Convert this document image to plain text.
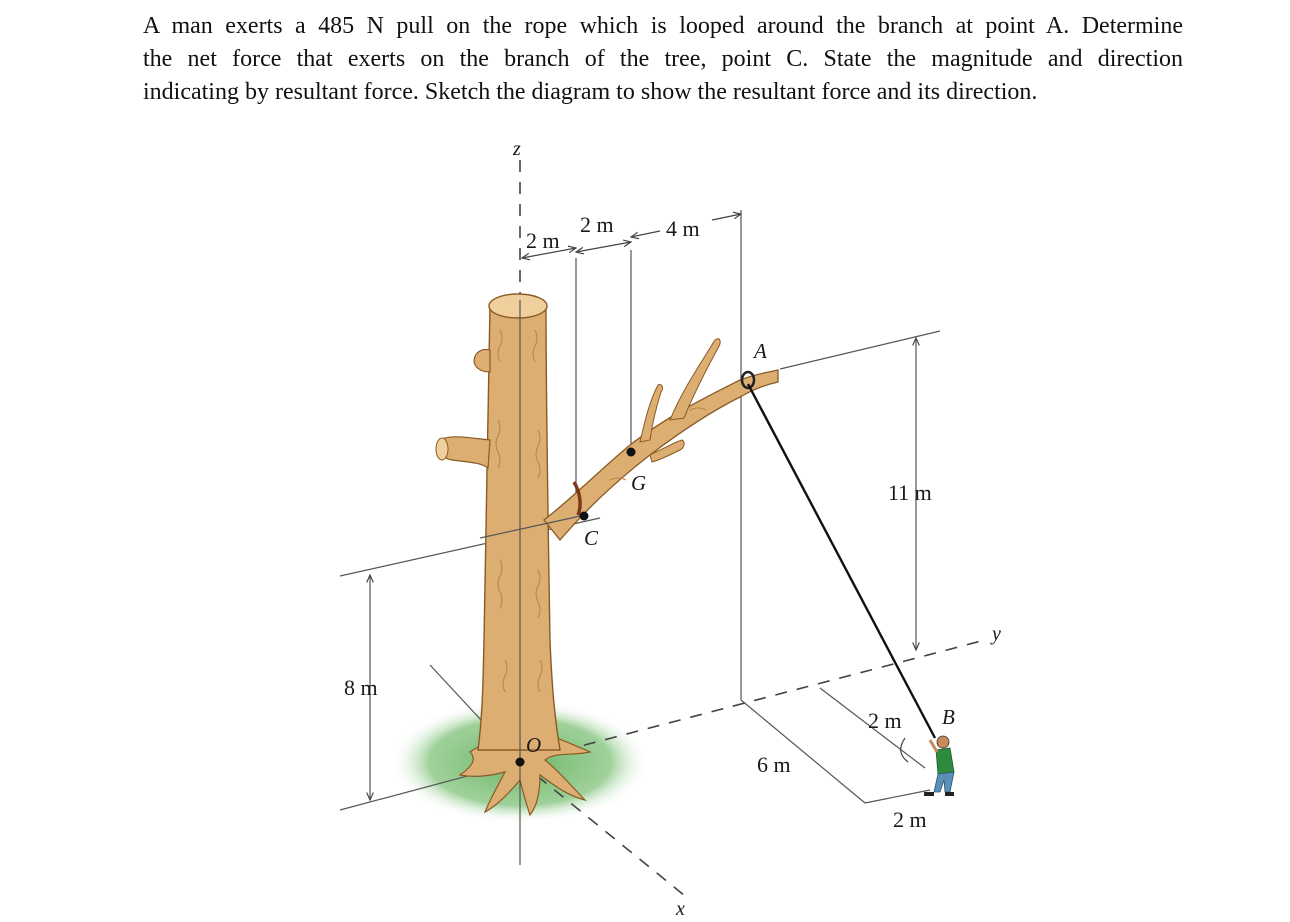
A man exerts a 485 N pull on the rope which is looped around the branch at point A. Determine
the net force that exerts on the branch of the tree, point C. State the magnitude and direction
indicating by resultant force. Sketch the diagram to show the resultant force and its direction.

z
x
y
A
B
C
G
O
2 m
2 m 4 m
11 m
8 m
6 m
2 m
2 m
